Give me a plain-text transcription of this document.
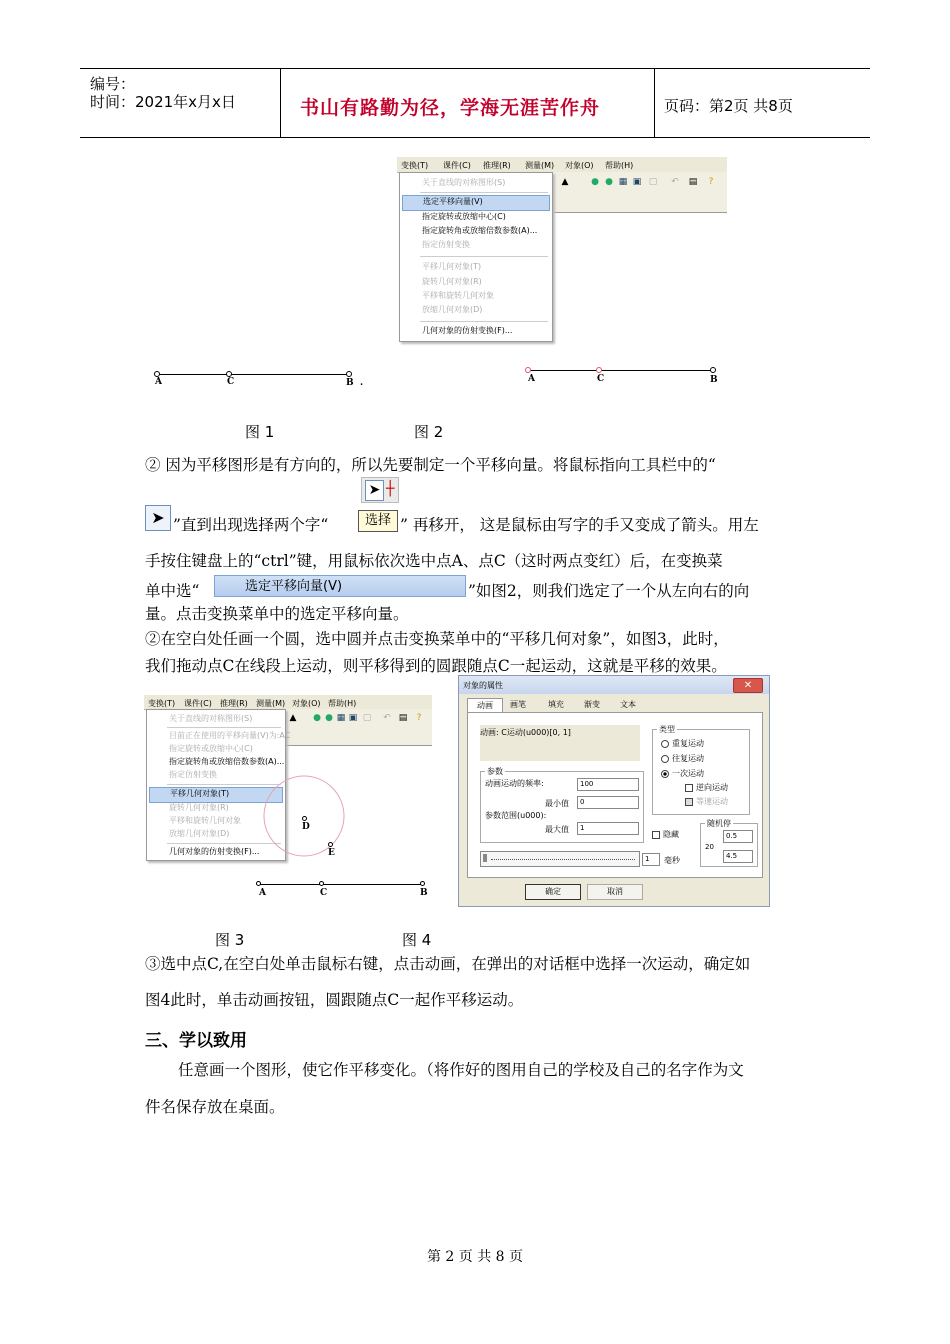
编号：
时间：2021年x月x日	书山有路勤为径，学海无涯苦作舟	页码：第2页 共8页
变换(T) 课件(C) 推理(R) 测量(M) 对象(O) 帮助(H)
▲	● ● ▦ ▣ ▢ ↶ ▤ ?
关于直线的对称图形(S)
选定平移向量(V)
指定旋转或放缩中心(C)
指定旋转角或放缩倍数参数(A)...
指定仿射变换
平移几何对象(T)
旋转几何对象(R)
平移和旋转几何对象
放缩几何对象(D)
几何对象的仿射变换(F)...
A	C	B .	A	C	B
图 1	图 2
② 因为平移图形是有方向的，所以先要制定一个平移向量。将鼠标指向工具栏中的“
➤ ┼
➤ ”直到出现选择两个字“	选择 ” 再移开， 这是鼠标由写字的手又变成了箭头。用左
手按住键盘上的“ctrl”键，用鼠标依次选中点A、点C（这时两点变红）后，在变换菜
单中选“	选定平移向量(V)	”如图2，则我们选定了一个从左向右的向
量。点击变换菜单中的选定平移向量。
②在空白处任画一个圆，选中圆并点击变换菜单中的“平移几何对象”，如图3，此时，
我们拖动点C在线段上运动，则平移得到的圆跟随点C一起运动，这就是平移的效果。
变换(T) 课件(C) 推理(R) 测量(M) 对象(O) 帮助(H)
▲ ● ● ▦ ▣ ▢ ↶ ▤ ?
关于直线的对称图形(S)
目前正在使用的平移向量(V)为:AC
指定旋转或放缩中心(C)
指定旋转角或放缩倍数参数(A)...
指定仿射变换
平移几何对象(T)
旋转几何对象(R)
平移和旋转几何对象
放缩几何对象(D)
几何对象的仿射变换(F)...
D
E
A	C	B
对象的属性	✕
动画	画笔	填充	渐变	文本
动画: C运动(u000)[0, 1]	类型
重复运动
往复运动
一次运动
逆向运动
等速运动
参数
动画运动的频率:	100
最小值	0
参数范围(u000):
最大值	1
隐藏
随机停
0.5
20
4.5
1	毫秒
确定	取消
图 3	图 4
③选中点C,在空白处单击鼠标右键，点击动画，在弹出的对话框中选择一次运动，确定如
图4此时，单击动画按钮，圆跟随点C一起作平移运动。
三、学以致用
任意画一个图形，使它作平移变化。（将作好的图用自己的学校及自己的名字作为文
件名保存放在桌面。
第 2 页 共 8 页
